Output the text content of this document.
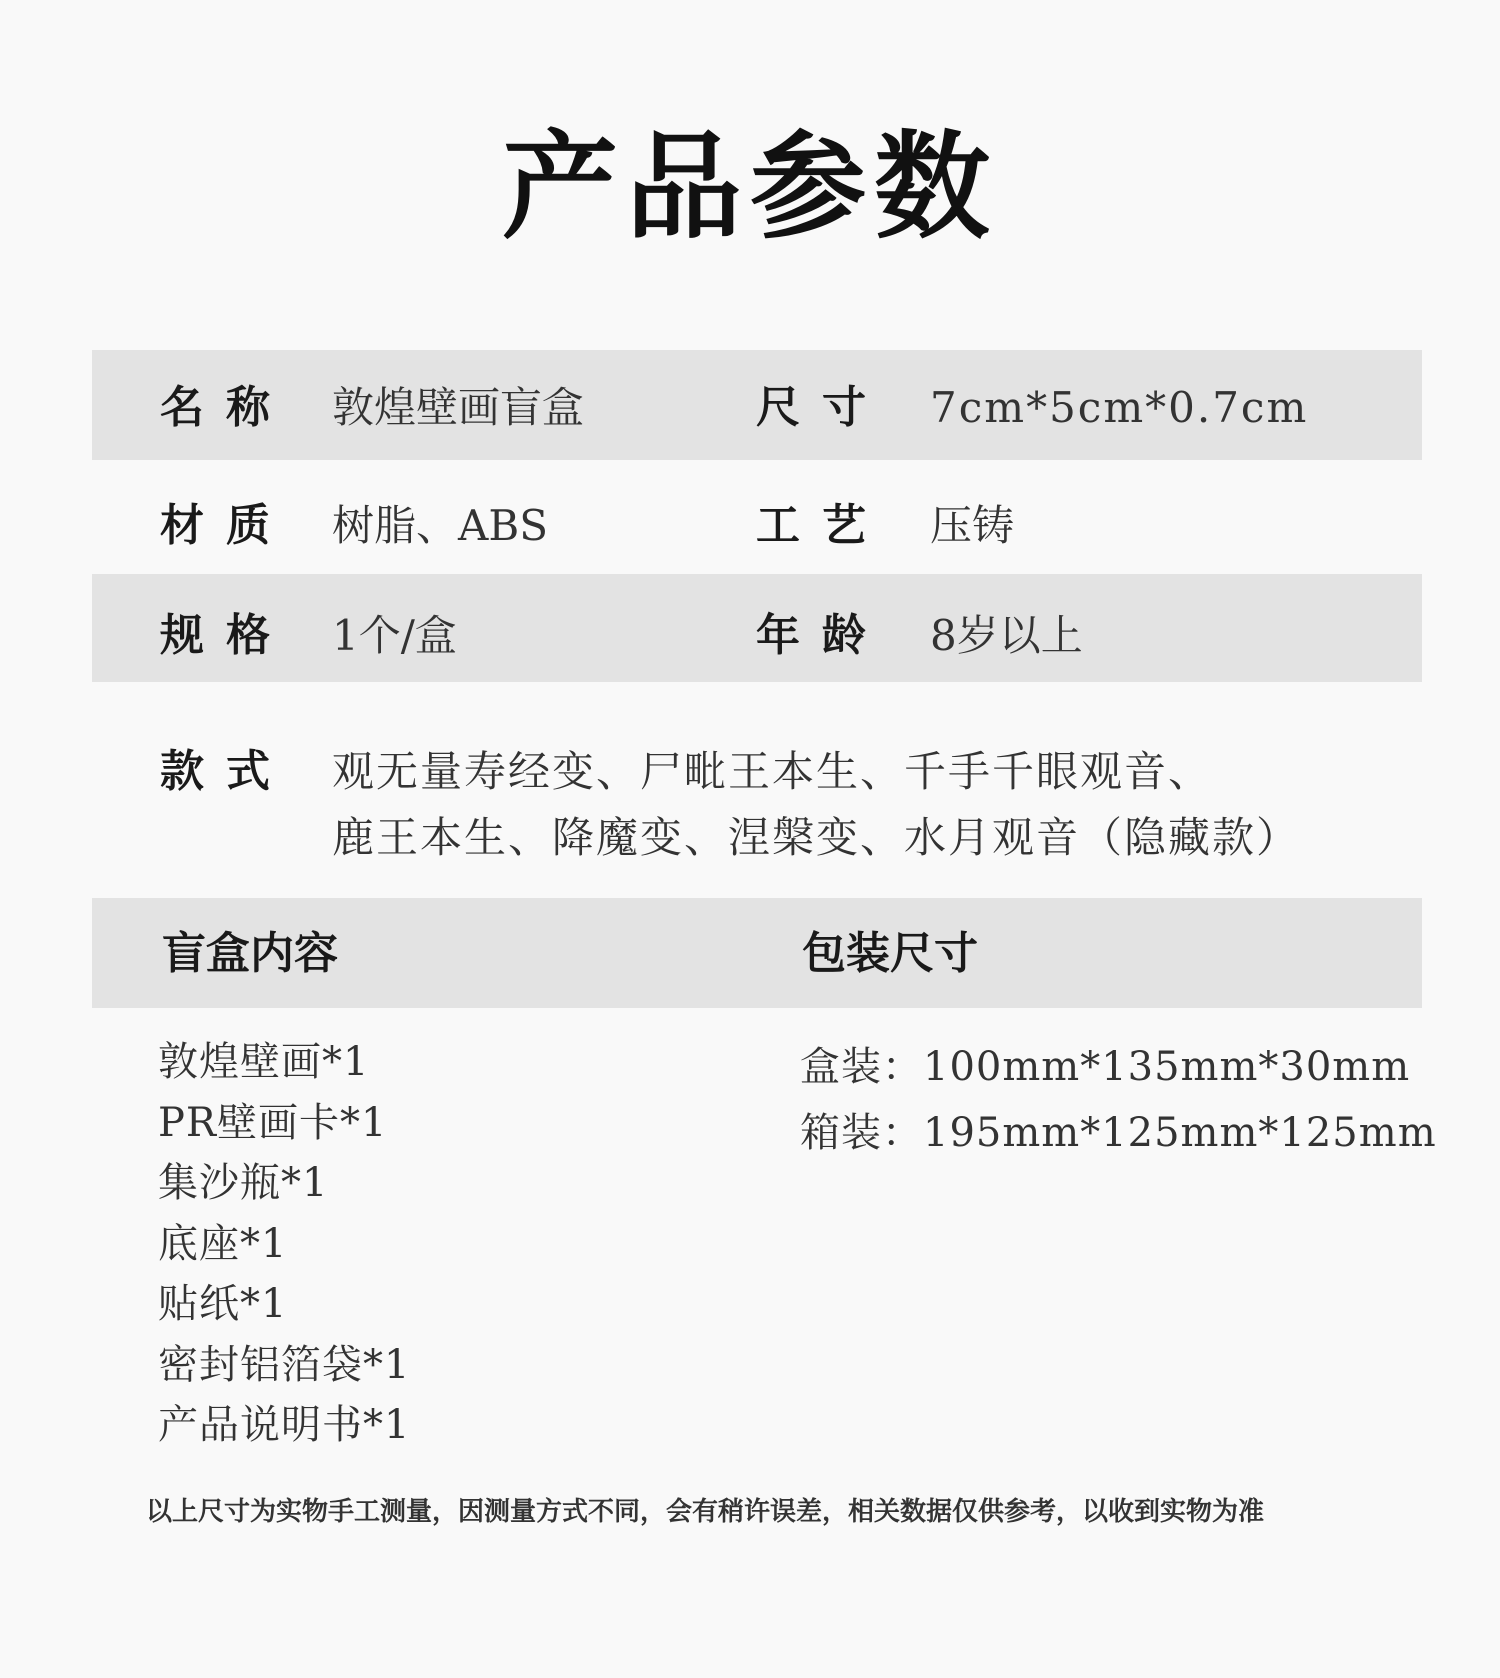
产品参数
名称 敦煌壁画盲盒	尺寸 7cm*5cm*0.7cm
材质 树脂、ABS	工艺 压铸
规格 1个/盒	年龄 8岁以上
款式 观无量寿经变、尸毗王本生、千手千眼观音、
鹿王本生、降魔变、涅槃变、水月观音（隐藏款）
盲盒内容	包装尺寸
敦煌壁画*1
PR壁画卡*1
集沙瓶*1
底座*1
贴纸*1
密封铝箔袋*1
产品说明书*1
盒装：100mm*135mm*30mm
箱装：195mm*125mm*125mm
以上尺寸为实物手工测量，因测量方式不同，会有稍许误差，相关数据仅供参考，以收到实物为准
